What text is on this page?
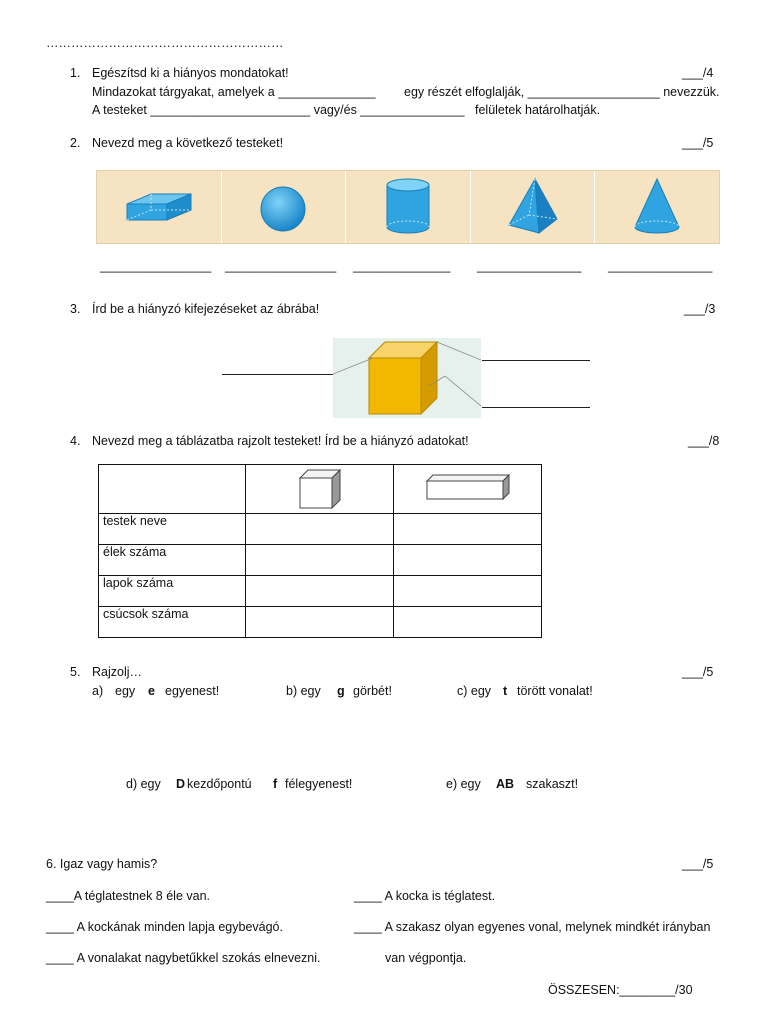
…………………………………………………
1. Egészítsd ki a hiányos mondatokat!	___/4
Mindazokat tárgyakat, amelyek a ______________ egy részét elfoglalják, ___________________ nevezzük.
A testeket _______________________ vagy/és _______________ felületek határolhatják.
2. Nevezd meg a következő testeket!	___/5
________________ ________________ ______________ _______________ _______________
3. Írd be a hiányzó kifejezéseket az ábrába!	___/3
4. Nevezd meg a táblázatba rajzolt testeket! Írd be a hiányzó adatokat!	___/8

testek neve		
élek száma		
lapok száma		
csúcsok száma		
5. Rajzolj…	___/5
a) egy e egyenest!	b) egy g görbét!	c) egy t törött vonalat!
d) egy D kezdőpontú f félegyenest!	e) egy AB szakaszt!
6. Igaz vagy hamis?	___/5
____A téglatestnek 8 éle van.
____ A kockának minden lapja egybevágó.
____ A vonalakat nagybetűkkel szokás elnevezni.
____ A kocka is téglatest.
____ A szakasz olyan egyenes vonal, melynek mindkét irányban
van végpontja.
ÖSSZESEN:________/30
